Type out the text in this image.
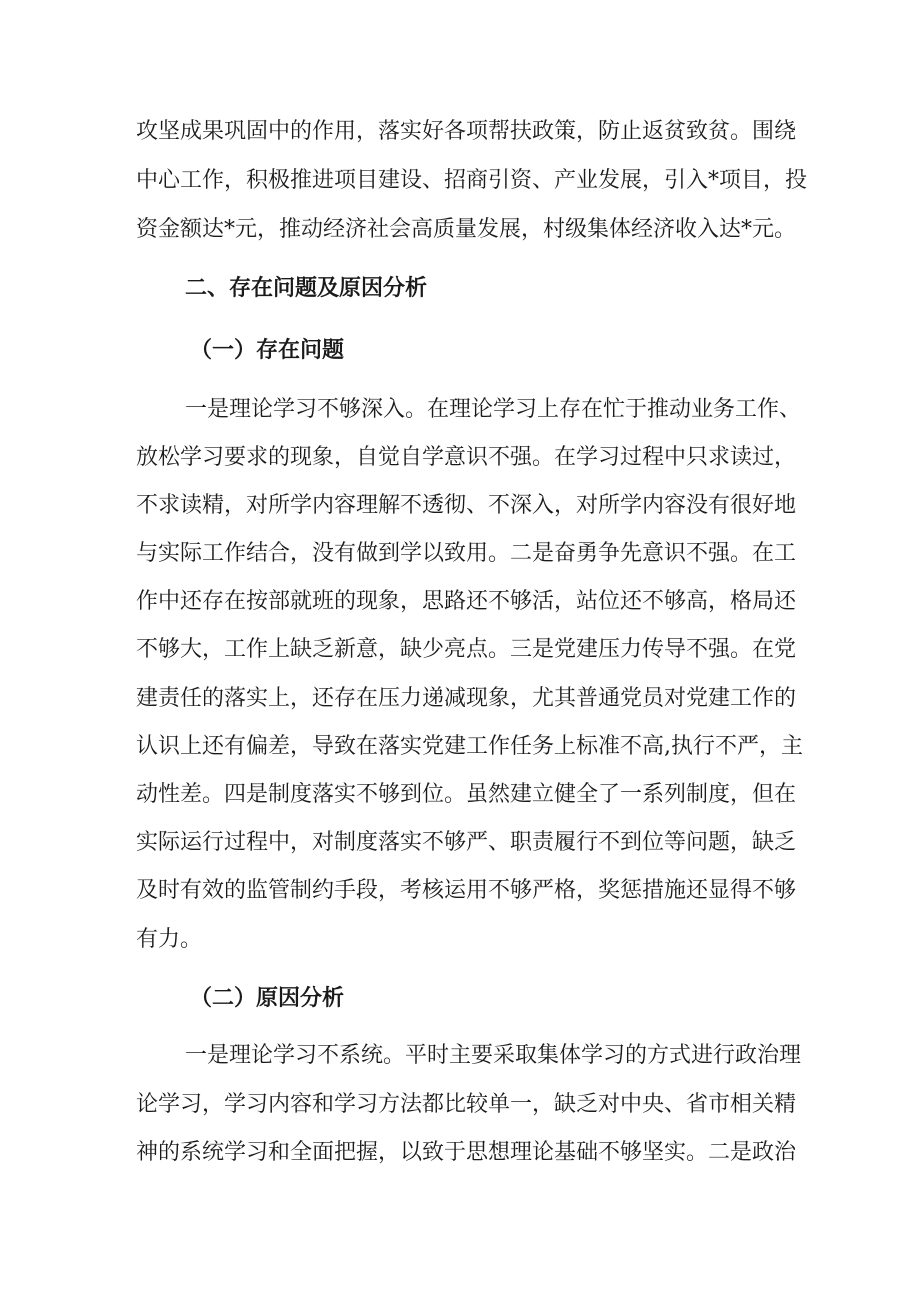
攻坚成果巩固中的作用，落实好各项帮扶政策，防止返贫致贫。围绕
中心工作，积极推进项目建设、招商引资、产业发展，引入*项目，投
资金额达*元，推动经济社会高质量发展，村级集体经济收入达*元。
二、存在问题及原因分析
（一）存在问题
一是理论学习不够深入。在理论学习上存在忙于推动业务工作、
放松学习要求的现象，自觉自学意识不强。在学习过程中只求读过，
不求读精，对所学内容理解不透彻、不深入，对所学内容没有很好地
与实际工作结合，没有做到学以致用。二是奋勇争先意识不强。在工
作中还存在按部就班的现象，思路还不够活，站位还不够高，格局还
不够大，工作上缺乏新意，缺少亮点。三是党建压力传导不强。在党
建责任的落实上，还存在压力递减现象，尤其普通党员对党建工作的
认识上还有偏差，导致在落实党建工作任务上标准不高,执行不严，主
动性差。四是制度落实不够到位。虽然建立健全了一系列制度，但在
实际运行过程中，对制度落实不够严、职责履行不到位等问题，缺乏
及时有效的监管制约手段，考核运用不够严格，奖惩措施还显得不够
有力。
（二）原因分析
一是理论学习不系统。平时主要采取集体学习的方式进行政治理
论学习，学习内容和学习方法都比较单一，缺乏对中央、省市相关精
神的系统学习和全面把握，以致于思想理论基础不够坚实。二是政治
